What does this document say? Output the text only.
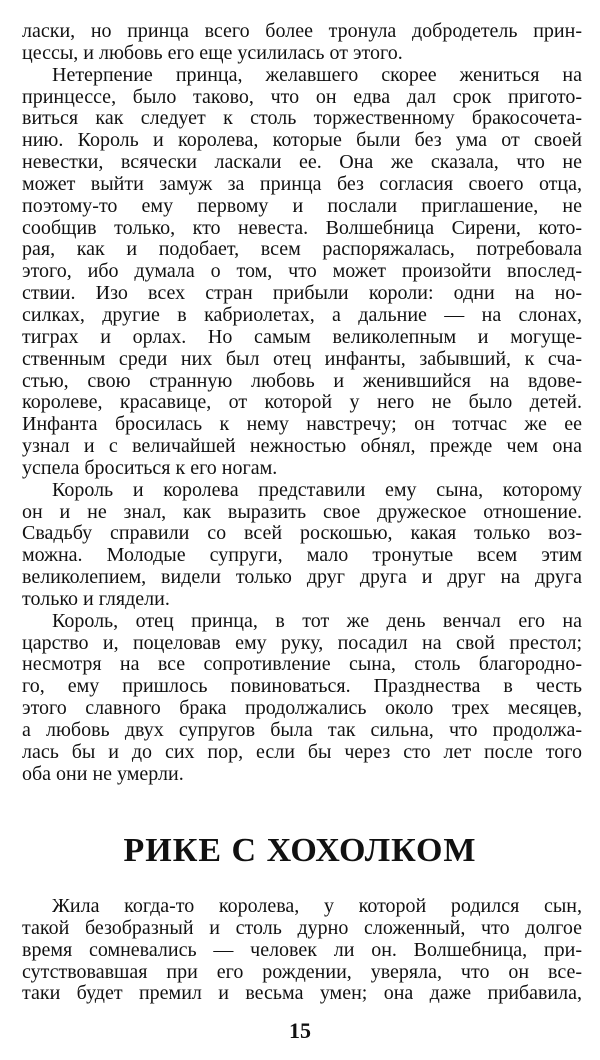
ласки, но принца всего более тронула добродетель прин-
цессы, и любовь его еще усилилась от этого.
Нетерпение принца, желавшего скорее жениться на
принцессе, было таково, что он едва дал срок пригото-
виться как следует к столь торжественному бракосочета-
нию. Король и королева, которые были без ума от своей
невестки, всячески ласкали ее. Она же сказала, что не
может выйти замуж за принца без согласия своего отца,
поэтому-то ему первому и послали приглашение, не
сообщив только, кто невеста. Волшебница Сирени, кото-
рая, как и подобает, всем распоряжалась, потребовала
этого, ибо думала о том, что может произойти впослед-
ствии. Изо всех стран прибыли короли: одни на но-
силках, другие в кабриолетах, а дальние — на слонах,
тиграх и орлах. Но самым великолепным и могуще-
ственным среди них был отец инфанты, забывший, к сча-
стью, свою странную любовь и женившийся на вдове-
королеве, красавице, от которой у него не было детей.
Инфанта бросилась к нему навстречу; он тотчас же ее
узнал и с величайшей нежностью обнял, прежде чем она
успела броситься к его ногам.
Король и королева представили ему сына, которому
он и не знал, как выразить свое дружеское отношение.
Свадьбу справили со всей роскошью, какая только воз-
можна. Молодые супруги, мало тронутые всем этим
великолепием, видели только друг друга и друг на друга
только и глядели.
Король, отец принца, в тот же день венчал его на
царство и, поцеловав ему руку, посадил на свой престол;
несмотря на все сопротивление сына, столь благородно-
го, ему пришлось повиноваться. Празднества в честь
этого славного брака продолжались около трех месяцев,
а любовь двух супругов была так сильна, что продолжа-
лась бы и до сих пор, если бы через сто лет после того
оба они не умерли.
РИКЕ С ХОХОЛКОМ
Жила когда-то королева, у которой родился сын,
такой безобразный и столь дурно сложенный, что долгое
время сомневались — человек ли он. Волшебница, при-
сутствовавшая при его рождении, уверяла, что он все-
таки будет премил и весьма умен; она даже прибавила,
15
